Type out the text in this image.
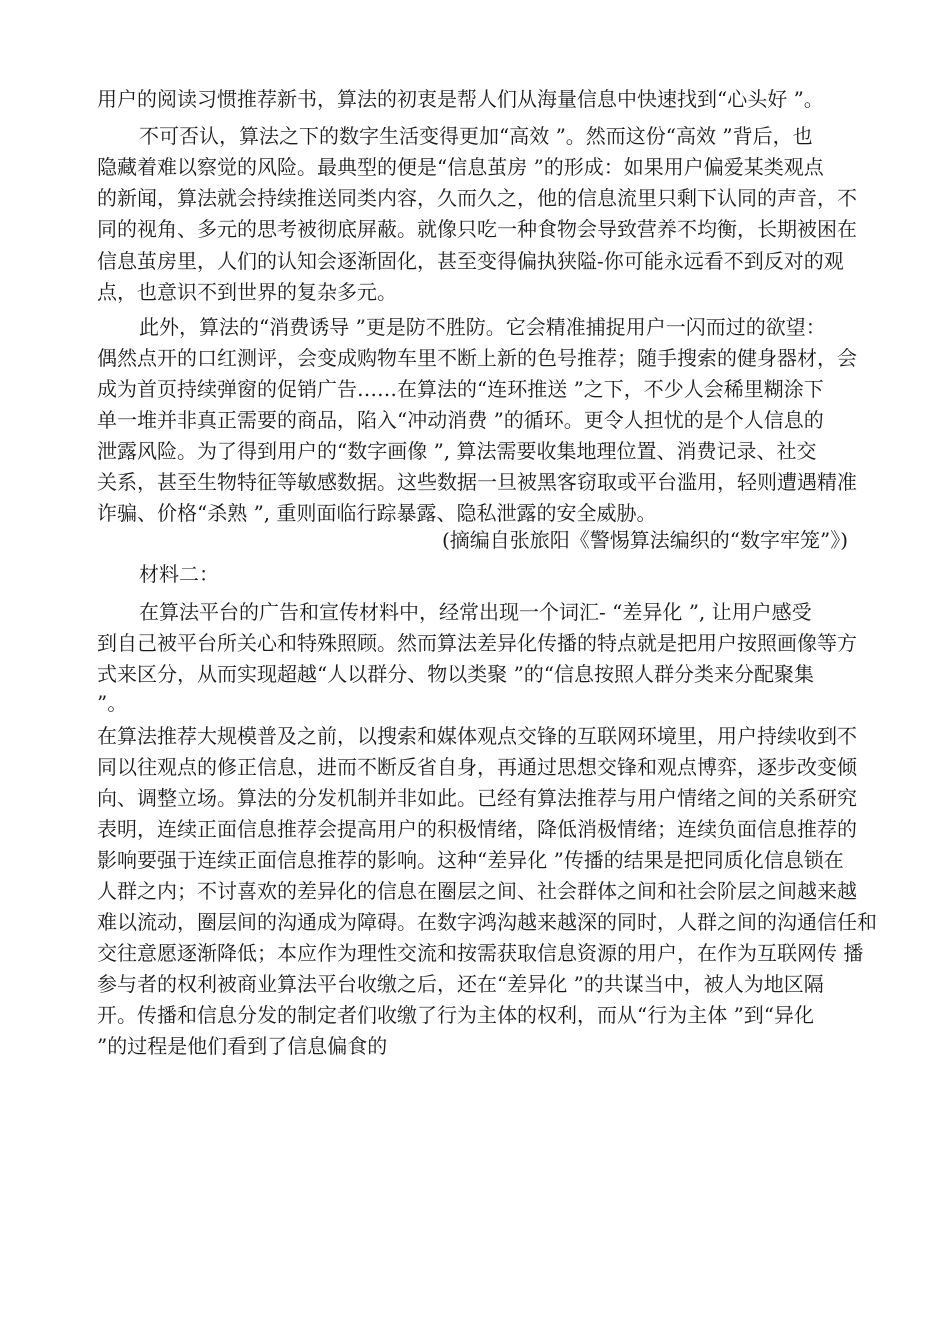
用户的阅读习惯推荐新书，算法的初衷是帮人们从海量信息中快速找到“心头好 ”。
不可否认，算法之下的数字生活变得更加“高效 ”。然而这份“高效 ”背后，也
隐藏着难以察觉的风险。最典型的便是“信息茧房 ”的形成：如果用户偏爱某类观点
的新闻，算法就会持续推送同类内容，久而久之，他的信息流里只剩下认同的声音，不
同的视角、多元的思考被彻底屏蔽。就像只吃一种食物会导致营养不均衡，长期被困在
信息茧房里，人们的认知会逐渐固化，甚至变得偏执狭隘-你可能永远看不到反对的观
点，也意识不到世界的复杂多元。
此外，算法的“消费诱导 ”更是防不胜防。它会精准捕捉用户一闪而过的欲望：
偶然点开的口红测评，会变成购物车里不断上新的色号推荐；随手搜索的健身器材，会
成为首页持续弹窗的促销广告……在算法的“连环推送 ”之下，不少人会稀里糊涂下
单一堆并非真正需要的商品，陷入“冲动消费 ”的循环。更令人担忧的是个人信息的
泄露风险。为了得到用户的“数字画像 ”, 算法需要收集地理位置、消费记录、社交
关系，甚至生物特征等敏感数据。这些数据一旦被黑客窃取或平台滥用，轻则遭遇精准
诈骗、价格“杀熟 ”, 重则面临行踪暴露、隐私泄露的安全威胁。
(摘编自张旅阳《警惕算法编织的“数字牢笼”》)
材料二：
在算法平台的广告和宣传材料中，经常出现一个词汇- “差异化 ”, 让用户感受
到自己被平台所关心和特殊照顾。然而算法差异化传播的特点就是把用户按照画像等方
式来区分，从而实现超越“人以群分、物以类聚 ”的“信息按照人群分类来分配聚集
”。
在算法推荐大规模普及之前，以搜索和媒体观点交锋的互联网环境里，用户持续收到不
同以往观点的修正信息，进而不断反省自身，再通过思想交锋和观点博弈，逐步改变倾
向、调整立场。算法的分发机制并非如此。已经有算法推荐与用户情绪之间的关系研究
表明，连续正面信息推荐会提高用户的积极情绪，降低消极情绪；连续负面信息推荐的
影响要强于连续正面信息推荐的影响。这种“差异化 ”传播的结果是把同质化信息锁在
人群之内；不讨喜欢的差异化的信息在圈层之间、社会群体之间和社会阶层之间越来越
难以流动，圈层间的沟通成为障碍。在数字鸿沟越来越深的同时，人群之间的沟通信任和
交往意愿逐渐降低；本应作为理性交流和按需获取信息资源的用户，在作为互联网传 播
参与者的权利被商业算法平台收缴之后，还在“差异化 ”的共谋当中，被人为地区隔
开。传播和信息分发的制定者们收缴了行为主体的权利，而从“行为主体 ”到“异化
”的过程是他们看到了信息偏食的
